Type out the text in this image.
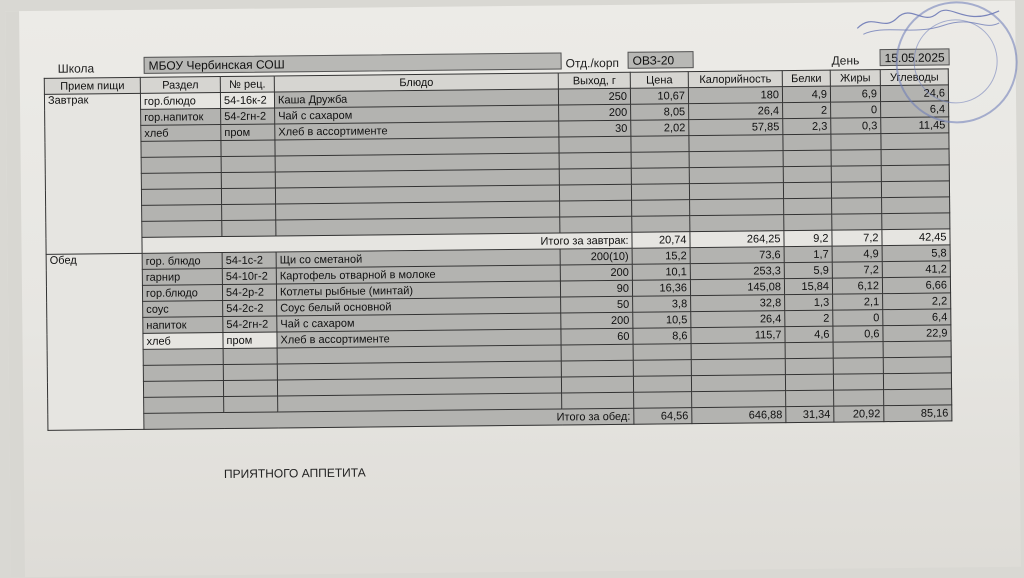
Школа	МБОУ Чербинская СОШ	Отд./корп	ОВЗ-20	День	15.05.2025
Прием пищи	Раздел	№ рец.	Блюдо	Выход, г	Цена	Калорийность	Белки	Жиры	Углеводы
Завтрак	гор.блюдо	54-16к-2	Каша Дружба	250	10,67	180	4,9	6,9	24,6
	гор.напиток	54-2гн-2	Чай с сахаром	200	8,05	26,4	2	0	6,4
	хлеб	пром	Хлеб в ассортименте	30	2,02	57,85	2,3	0,3	11,45

	Итого за завтрак:				20,74	264,25	9,2	7,2	42,45
Обед	гор. блюдо	54-1с-2	Щи со сметаной	200(10)	15,2	73,6	1,7	4,9	5,8
	гарнир	54-10г-2	Картофель отварной в молоке	200	10,1	253,3	5,9	7,2	41,2
	гор.блюдо	54-2р-2	Котлеты рыбные (минтай)	90	16,36	145,08	15,84	6,12	6,66
	соус	54-2с-2	Соус белый основной	50	3,8	32,8	1,3	2,1	2,2
	напиток	54-2гн-2	Чай с сахаром	200	10,5	26,4	2	0	6,4
	хлеб	пром	Хлеб в ассортименте	60	8,6	115,7	4,6	0,6	22,9

	Итого за обед:				64,56	646,88	31,34	20,92	85,16
ПРИЯТНОГО АППЕТИТА
